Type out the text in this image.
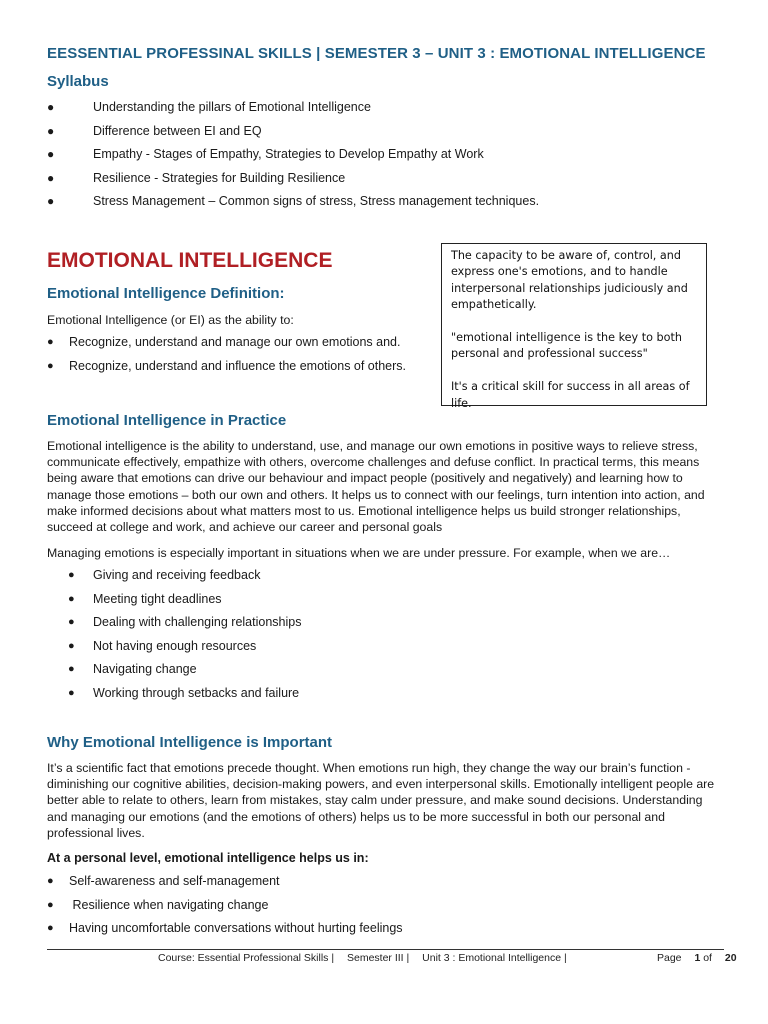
EESSENTIAL PROFESSINAL SKILLS | SEMESTER 3 – UNIT 3 : EMOTIONAL INTELLIGENCE
Syllabus
●	Understanding the pillars of Emotional Intelligence
●	Difference between EI and EQ
●	Empathy - Stages of Empathy, Strategies to Develop Empathy at Work
●	Resilience - Strategies for Building Resilience
●	Stress Management – Common signs of stress, Stress management techniques.
EMOTIONAL INTELLIGENCE
Emotional Intelligence Definition:
Emotional Intelligence (or EI) as the ability to:
● Recognize, understand and manage our own emotions and.
● Recognize, understand and influence the emotions of others.

The capacity to be aware of, control, and express one's emotions, and to handle interpersonal relationships judiciously and empathetically.

"emotional intelligence is the key to both personal and professional success"

It's a critical skill for success in all areas of life.

Emotional Intelligence in Practice
Emotional intelligence is the ability to understand, use, and manage our own emotions in positive ways to relieve stress, communicate effectively, empathize with others, overcome challenges and defuse conflict. In practical terms, this means being aware that emotions can drive our behaviour and impact people (positively and negatively) and learning how to manage those emotions – both our own and others. It helps us to connect with our feelings, turn intention into action, and make informed decisions about what matters most to us. Emotional intelligence helps us build stronger relationships, succeed at college and work, and achieve our career and personal goals
Managing emotions is especially important in situations when we are under pressure. For example, when we are…
● Giving and receiving feedback
● Meeting tight deadlines
● Dealing with challenging relationships
● Not having enough resources
● Navigating change
● Working through setbacks and failure
Why Emotional Intelligence is Important
It’s a scientific fact that emotions precede thought. When emotions run high, they change the way our brain’s function - diminishing our cognitive abilities, decision-making powers, and even interpersonal skills. Emotionally intelligent people are better able to relate to others, learn from mistakes, stay calm under pressure, and make sound decisions. Understanding and managing our emotions (and the emotions of others) helps us to be more successful in both our personal and professional lives.
At a personal level, emotional intelligence helps us in:
● Self-awareness and self-management
● Resilience when navigating change
● Having uncomfortable conversations without hurting feelings
Course: Essential Professional Skills | Semester III | Unit 3 : Emotional Intelligence |	Page 1 of 20
